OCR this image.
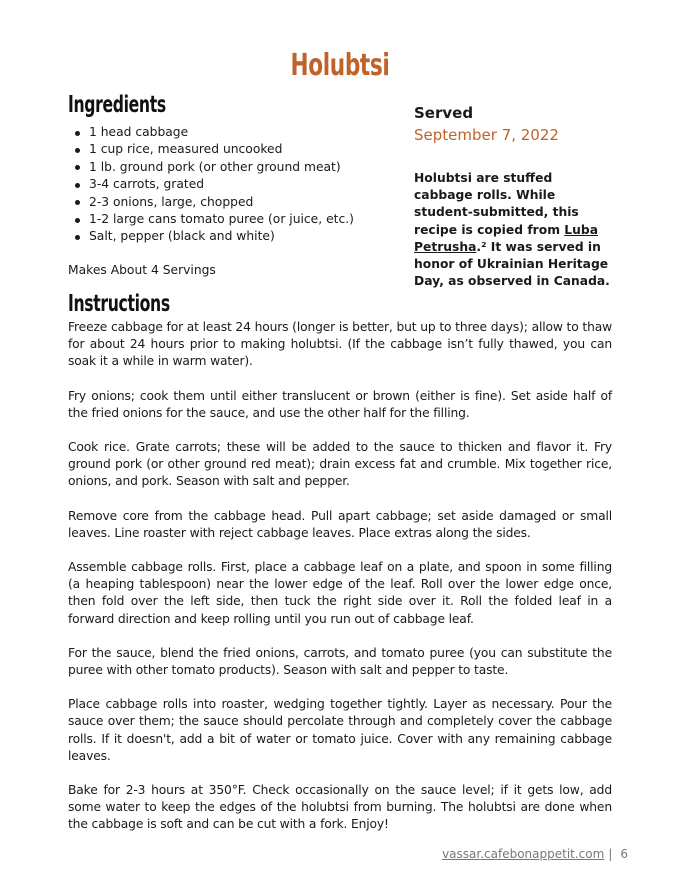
Holubtsi
Ingredients
1 head cabbage
1 cup rice, measured uncooked
1 lb. ground pork (or other ground meat)
3-4 carrots, grated
2-3 onions, large, chopped
1-2 large cans tomato puree (or juice, etc.)
Salt, pepper (black and white)
Makes About 4 Servings
Served
September 7, 2022
Holubtsi are stuffed cabbage rolls. While student-submitted, this recipe is copied from Luba Petrusha.² It was served in honor of Ukrainian Heritage Day, as observed in Canada.
Instructions

Freeze cabbage for at least 24 hours (longer is better, but up to three days); allow to thaw for about 24 hours prior to making holubtsi. (If the cabbage isn’t fully thawed, you can soak it a while in warm water).

Fry onions; cook them until either translucent or brown (either is fine). Set aside half of the fried onions for the sauce, and use the other half for the filling.

Cook rice. Grate carrots; these will be added to the sauce to thicken and flavor it. Fry ground pork (or other ground red meat); drain excess fat and crumble. Mix together rice, onions, and pork. Season with salt and pepper.

Remove core from the cabbage head. Pull apart cabbage; set aside damaged or small leaves. Line roaster with reject cabbage leaves. Place extras along the sides.

Assemble cabbage rolls. First, place a cabbage leaf on a plate, and spoon in some filling (a heaping tablespoon) near the lower edge of the leaf. Roll over the lower edge once, then fold over the left side, then tuck the right side over it. Roll the folded leaf in a forward direction and keep rolling until you run out of cabbage leaf.

For the sauce, blend the fried onions, carrots, and tomato puree (you can substitute the puree with other tomato products). Season with salt and pepper to taste.

Place cabbage rolls into roaster, wedging together tightly. Layer as necessary. Pour the sauce over them; the sauce should percolate through and completely cover the cabbage rolls. If it doesn't, add a bit of water or tomato juice. Cover with any remaining cabbage leaves.

Bake for 2-3 hours at 350°F. Check occasionally on the sauce level; if it gets low, add some water to keep the edges of the holubtsi from burning. The holubtsi are done when the cabbage is soft and can be cut with a fork. Enjoy!

vassar.cafebonappetit.com | 6
